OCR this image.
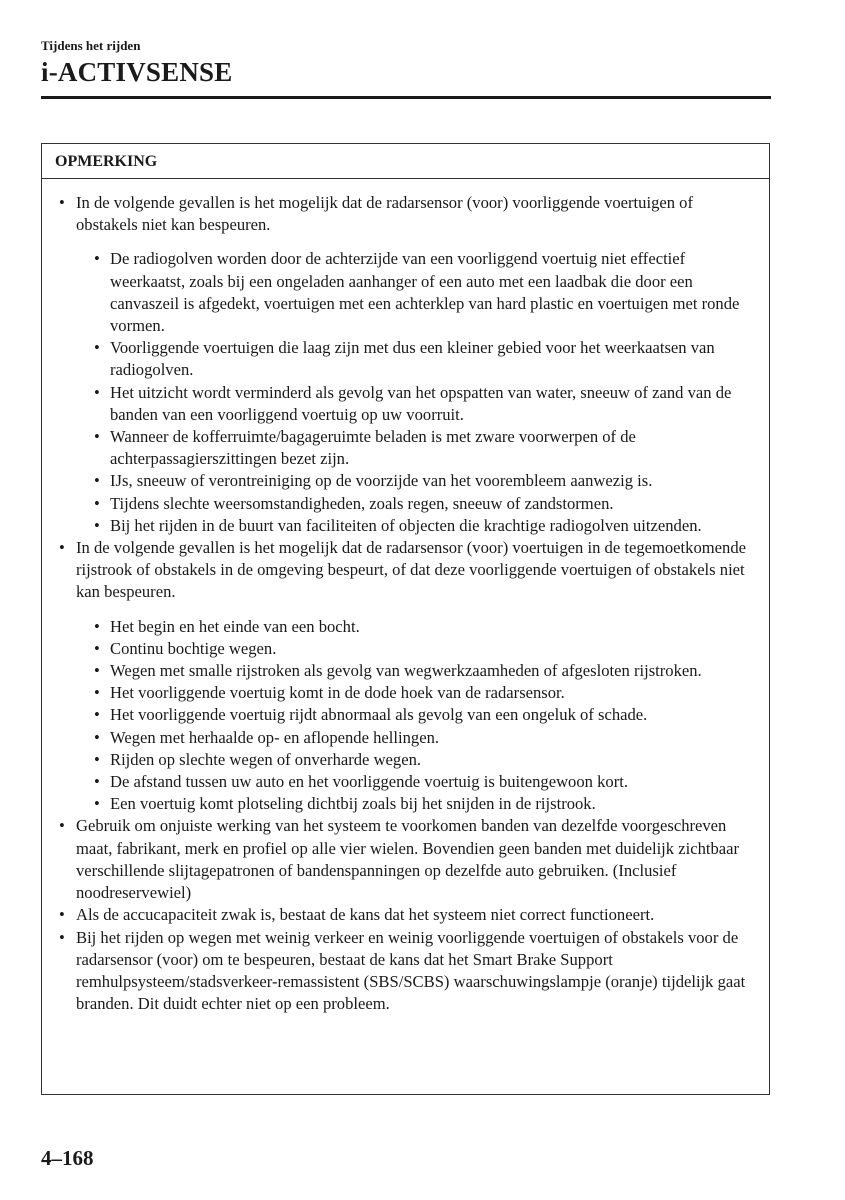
Tijdens het rijden
i-ACTIVSENSE
OPMERKING
• In de volgende gevallen is het mogelijk dat de radarsensor (voor) voorliggende voertuigen of obstakels niet kan bespeuren.
• De radiogolven worden door de achterzijde van een voorliggend voertuig niet effectief weerkaatst, zoals bij een ongeladen aanhanger of een auto met een laadbak die door een canvaszeil is afgedekt, voertuigen met een achterklep van hard plastic en voertuigen met ronde vormen.
• Voorliggende voertuigen die laag zijn met dus een kleiner gebied voor het weerkaatsen van radiogolven.
• Het uitzicht wordt verminderd als gevolg van het opspatten van water, sneeuw of zand van de banden van een voorliggend voertuig op uw voorruit.
• Wanneer de kofferruimte/bagageruimte beladen is met zware voorwerpen of de achterpassagierszittingen bezet zijn.
• IJs, sneeuw of verontreiniging op de voorzijde van het voorembleem aanwezig is.
• Tijdens slechte weersomstandigheden, zoals regen, sneeuw of zandstormen.
• Bij het rijden in de buurt van faciliteiten of objecten die krachtige radiogolven uitzenden.
• In de volgende gevallen is het mogelijk dat de radarsensor (voor) voertuigen in de tegemoetkomende rijstrook of obstakels in de omgeving bespeurt, of dat deze voorliggende voertuigen of obstakels niet kan bespeuren.
• Het begin en het einde van een bocht.
• Continu bochtige wegen.
• Wegen met smalle rijstroken als gevolg van wegwerkzaamheden of afgesloten rijstroken.
• Het voorliggende voertuig komt in de dode hoek van de radarsensor.
• Het voorliggende voertuig rijdt abnormaal als gevolg van een ongeluk of schade.
• Wegen met herhaalde op- en aflopende hellingen.
• Rijden op slechte wegen of onverharde wegen.
• De afstand tussen uw auto en het voorliggende voertuig is buitengewoon kort.
• Een voertuig komt plotseling dichtbij zoals bij het snijden in de rijstrook.
• Gebruik om onjuiste werking van het systeem te voorkomen banden van dezelfde voorgeschreven maat, fabrikant, merk en profiel op alle vier wielen. Bovendien geen banden met duidelijk zichtbaar verschillende slijtagepatronen of bandenspanningen op dezelfde auto gebruiken. (Inclusief noodreservewiel)
• Als de accucapaciteit zwak is, bestaat de kans dat het systeem niet correct functioneert.
• Bij het rijden op wegen met weinig verkeer en weinig voorliggende voertuigen of obstakels voor de radarsensor (voor) om te bespeuren, bestaat de kans dat het Smart Brake Support remhulpsysteem/stadsverkeer-remassistent (SBS/SCBS) waarschuwingslampje (oranje) tijdelijk gaat branden. Dit duidt echter niet op een probleem.
4–168
